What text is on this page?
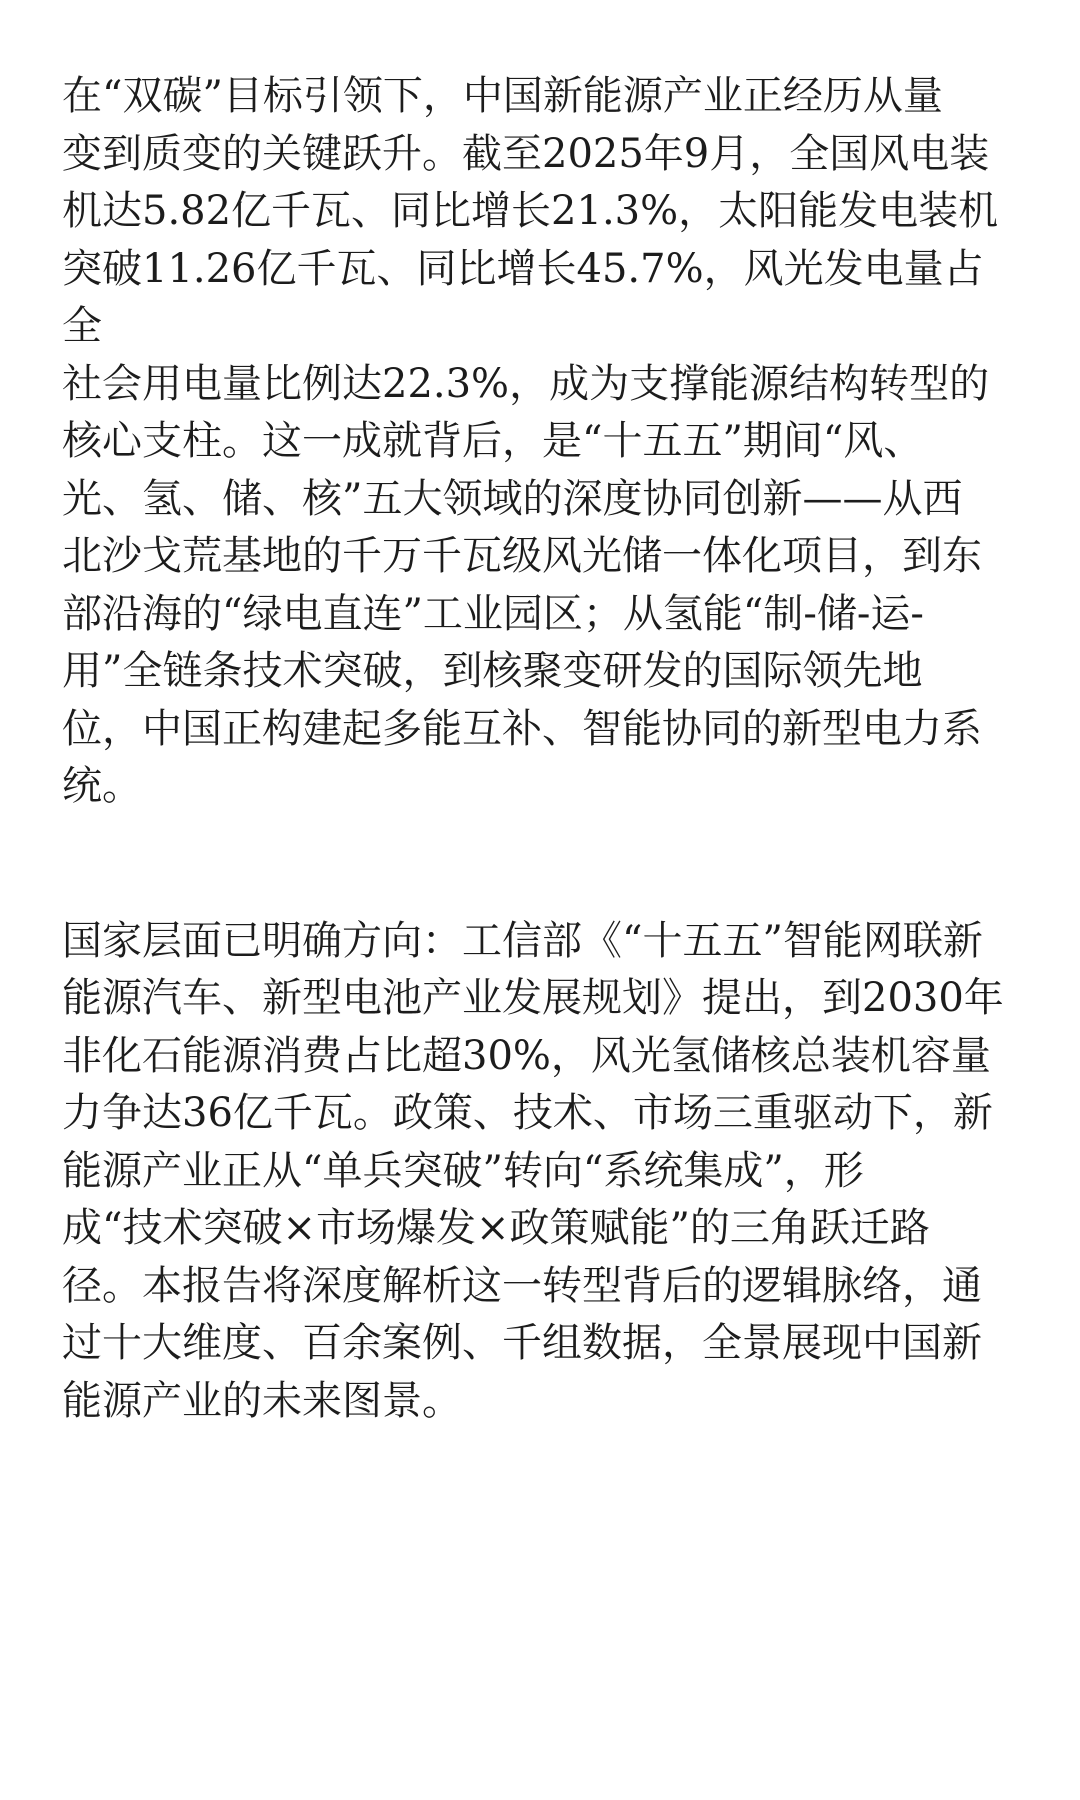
在“双碳”目标引领下，中国新能源产业正经历从量
变到质变的关键跃升。截至2025年9月，全国风电装
机达5.82亿千瓦、同比增长21.3%，太阳能发电装机
突破11.26亿千瓦、同比增长45.7%，风光发电量占全
社会用电量比例达22.3%，成为支撑能源结构转型的
核心支柱。这一成就背后，是“十五五”期间“风、
光、氢、储、核”五大领域的深度协同创新——从西
北沙戈荒基地的千万千瓦级风光储一体化项目，到东
部沿海的“绿电直连”工业园区；从氢能“制-储-运-
用”全链条技术突破，到核聚变研发的国际领先地
位，中国正构建起多能互补、智能协同的新型电力系
统。

国家层面已明确方向：工信部《“十五五”智能网联新
能源汽车、新型电池产业发展规划》提出，到2030年
非化石能源消费占比超30%，风光氢储核总装机容量
力争达36亿千瓦。政策、技术、市场三重驱动下，新
能源产业正从“单兵突破”转向“系统集成”，形
成“技术突破×市场爆发×政策赋能”的三角跃迁路
径。本报告将深度解析这一转型背后的逻辑脉络，通
过十大维度、百余案例、千组数据，全景展现中国新
能源产业的未来图景。
